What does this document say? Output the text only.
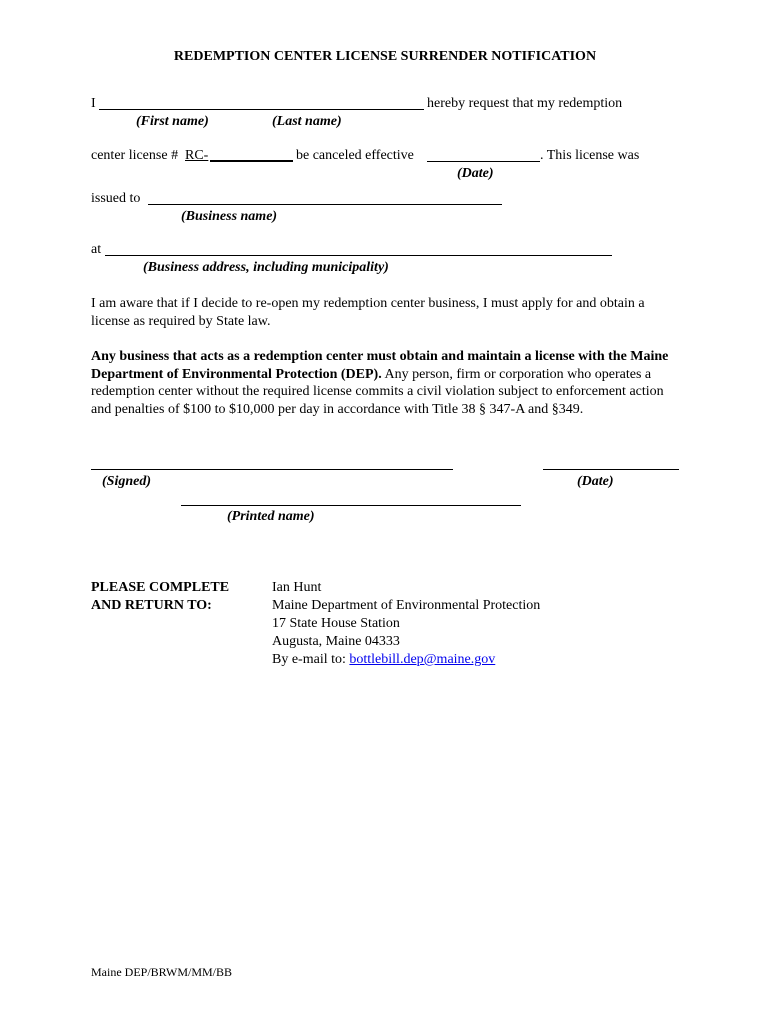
REDEMPTION CENTER LICENSE SURRENDER NOTIFICATION
I	hereby request that my redemption
(First name)	(Last name)
center license # RC-	be canceled effective	. This license was
(Date)
issued to
(Business name)
at
(Business address, including municipality)
I am aware that if I decide to re-open my redemption center business, I must apply for and obtain a license as required by State law.
Any business that acts as a redemption center must obtain and maintain a license with the Maine Department of Environmental Protection (DEP). Any person, firm or corporation who operates a redemption center without the required license commits a civil violation subject to enforcement action and penalties of $100 to $10,000 per day in accordance with Title 38 § 347-A and §349.
(Signed)	(Date)
(Printed name)
PLEASE COMPLETE
AND RETURN TO:
Ian Hunt
Maine Department of Environmental Protection
17 State House Station
Augusta, Maine 04333
By e-mail to: bottlebill.dep@maine.gov
Maine DEP/BRWM/MM/BB
